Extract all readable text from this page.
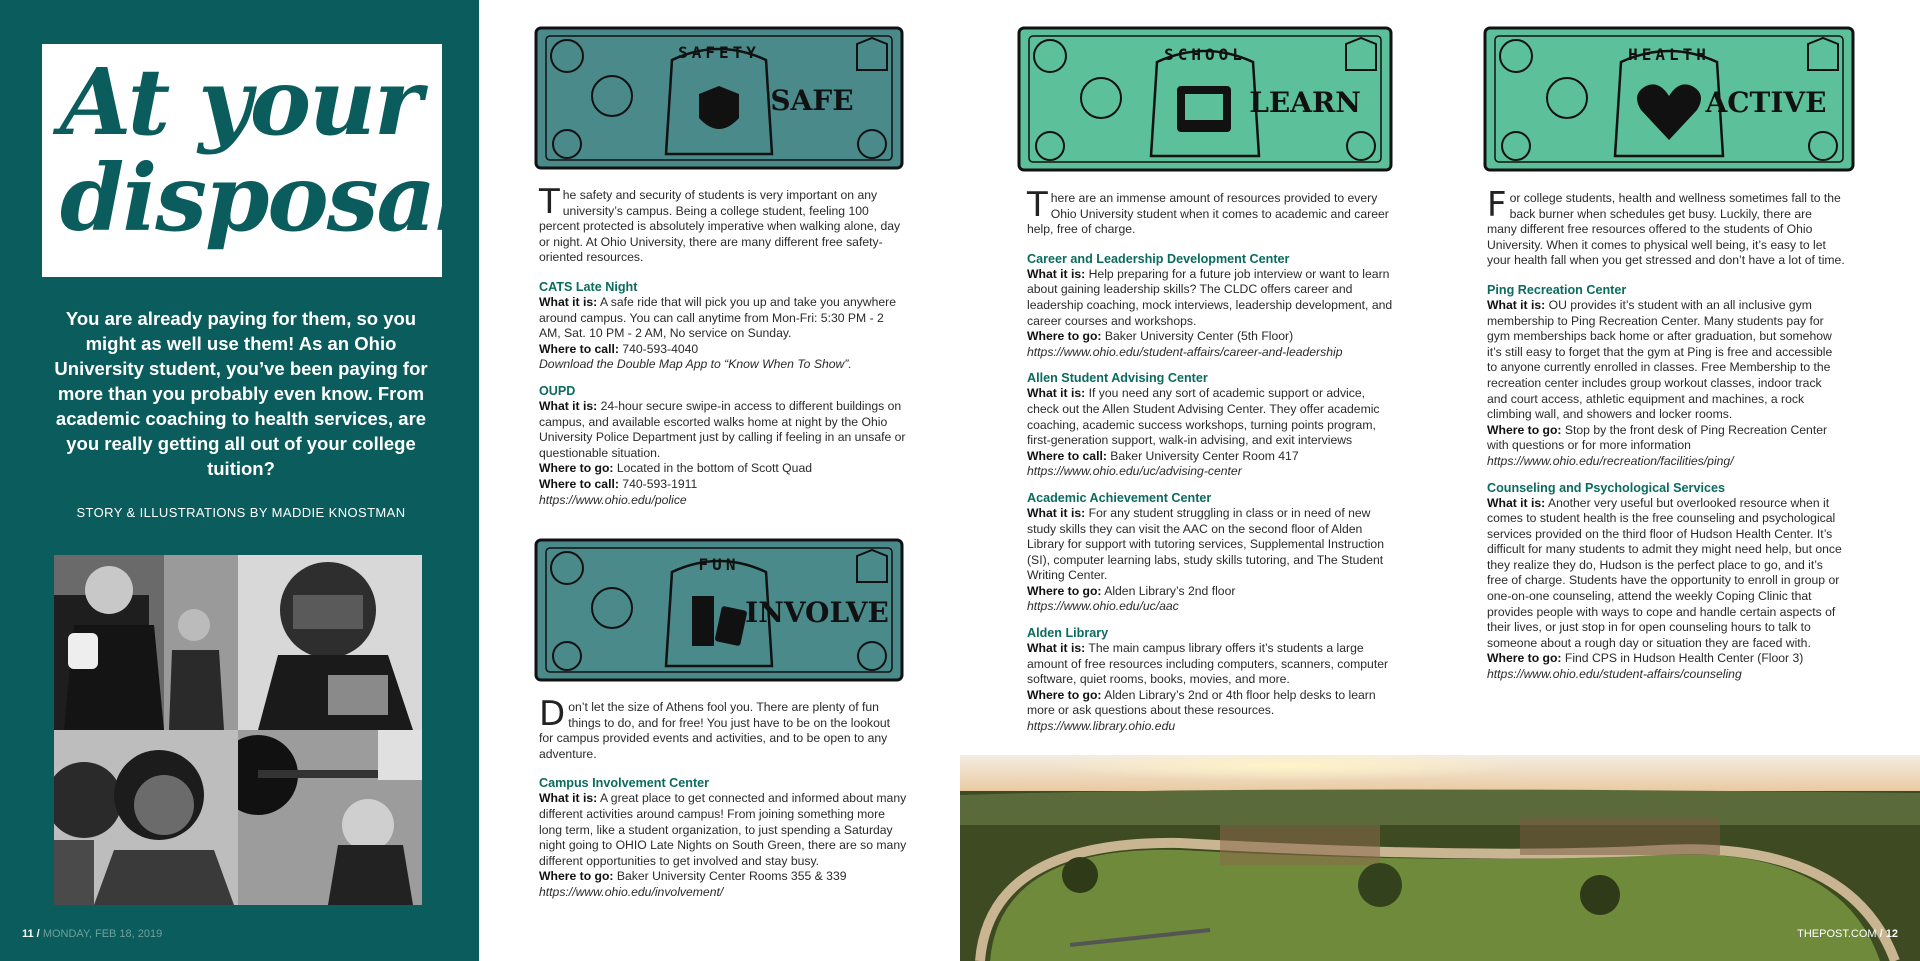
At your
disposal

You are already paying for them, so you might as well use them! As an Ohio University student, you’ve been paying for more than you probably even know. From academic coaching to health services, are you really getting all out of your college tuition?

STORY & ILLUSTRATIONS BY MADDIE KNOSTMAN

11 / MONDAY, FEB 18, 2019
SAFETY
SAFE
FUN
INVOLVE
SCHOOL
LEARN
HEALTH
ACTIVE

The safety and security of students is very important on any university’s campus. Being a college student, feeling 100 percent protected is absolutely imperative when walking alone, day or night. At Ohio University, there are many different free safety-oriented resources.

CATS Late Night
What it is: A safe ride that will pick you up and take you anywhere around campus. You can call anytime from Mon-Fri: 5:30 PM - 2 AM, Sat. 10 PM - 2 AM, No service on Sunday.
Where to call: 740-593-4040
Download the Double Map App to “Know When To Show”.
OUPD
What it is: 24-hour secure swipe-in access to different buildings on campus, and available escorted walks home at night by the Ohio University Police Department just by calling if feeling in an unsafe or questionable situation.
Where to go: Located in the bottom of Scott Quad
Where to call: 740-593-1911
https://www.ohio.edu/police

Don’t let the size of Athens fool you. There are plenty of fun things to do, and for free! You just have to be on the lookout for campus provided events and activities, and to be open to any adventure.

Campus Involvement Center
What it is: A great place to get connected and informed about many different activities around campus! From joining something more long term, like a student organization, to just spending a Saturday night going to OHIO Late Nights on South Green, there are so many different opportunities to get involved and stay busy.
Where to go: Baker University Center Rooms 355 & 339
https://www.ohio.edu/involvement/

There are an immense amount of resources provided to every Ohio University student when it comes to academic and career help, free of charge.

Career and Leadership Development Center
What it is: Help preparing for a future job interview or want to learn about gaining leadership skills? The CLDC offers career and leadership coaching, mock interviews, leadership development, and career courses and workshops.
Where to go: Baker University Center (5th Floor)
https://www.ohio.edu/student-affairs/career-and-leadership
Allen Student Advising Center
What it is: If you need any sort of academic support or advice, check out the Allen Student Advising Center. They offer academic coaching, academic success workshops, turning points program, first-generation support, walk-in advising, and exit interviews
Where to call: Baker University Center Room 417
https://www.ohio.edu/uc/advising-center
Academic Achievement Center
What it is: For any student struggling in class or in need of new study skills they can visit the AAC on the second floor of Alden Library for support with tutoring services, Supplemental Instruction (SI), computer learning labs, study skills tutoring, and The Student Writing Center.
Where to go: Alden Library’s 2nd floor
https://www.ohio.edu/uc/aac
Alden Library
What it is: The main campus library offers it’s students a large amount of free resources including computers, scanners, computer software, quiet rooms, books, movies, and more.
Where to go: Alden Library’s 2nd or 4th floor help desks to learn more or ask questions about these resources.
https://www.library.ohio.edu

For college students, health and wellness sometimes fall to the back burner when schedules get busy. Luckily, there are many different free resources offered to the students of Ohio University. When it comes to physical well being, it’s easy to let your health fall when you get stressed and don’t have a lot of time.

Ping Recreation Center
What it is: OU provides it’s student with an all inclusive gym membership to Ping Recreation Center. Many students pay for gym memberships back home or after graduation, but somehow it’s still easy to forget that the gym at Ping is free and accessible to anyone currently enrolled in classes. Free Membership to the recreation center includes group workout classes, indoor track and court access, athletic equipment and machines, a rock climbing wall, and showers and locker rooms.
Where to go: Stop by the front desk of Ping Recreation Center with questions or for more information
https://www.ohio.edu/recreation/facilities/ping/
Counseling and Psychological Services
What it is: Another very useful but overlooked resource when it comes to student health is the free counseling and psychological services provided on the third floor of Hudson Health Center. It’s difficult for many students to admit they might need help, but once they realize they do, Hudson is the perfect place to go, and it’s free of charge. Students have the opportunity to enroll in group or one-on-one counseling, attend the weekly Coping Clinic that provides people with ways to cope and handle certain aspects of their lives, or just stop in for open counseling hours to talk to someone about a rough day or situation they are faced with.
Where to go: Find CPS in Hudson Health Center (Floor 3)
https://www.ohio.edu/student-affairs/counseling
THEPOST.COM / 12
